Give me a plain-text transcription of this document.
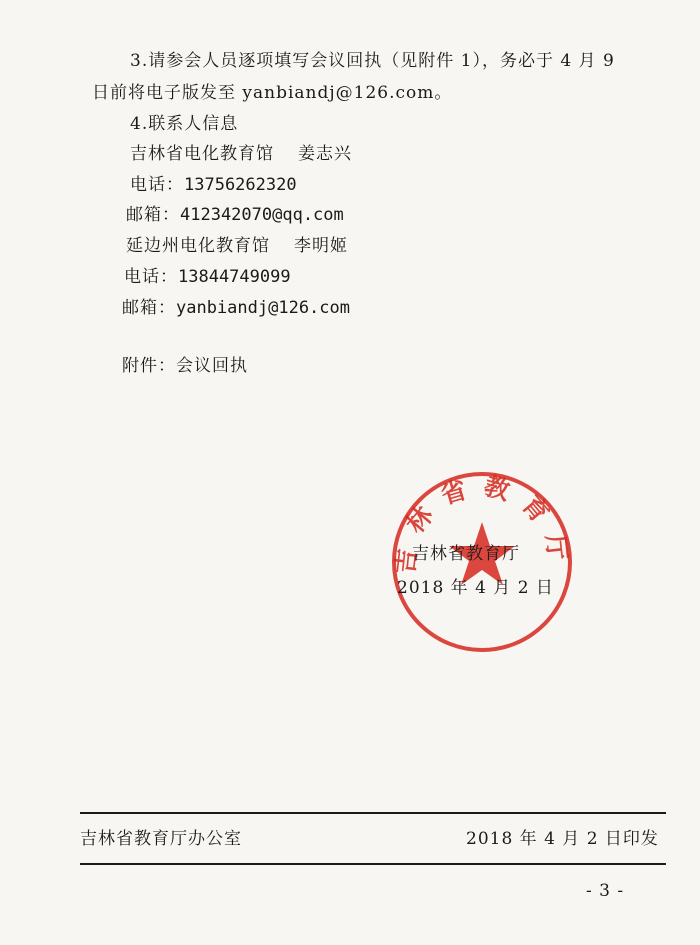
3.请参会人员逐项填写会议回执（见附件 1），务必于 4 月 9
日前将电子版发至 yanbiandj@126.com。
4.联系人信息
吉林省电化教育馆 姜志兴
电话：13756262320
邮箱：412342070@qq.com
延边州电化教育馆 李明姬
电话：13844749099
邮箱：yanbiandj@126.com
附件：会议回执
吉林省教育厅
吉林省教育厅
2018 年 4 月 2 日
吉林省教育厅办公室	2018 年 4 月 2 日印发
- 3 -
